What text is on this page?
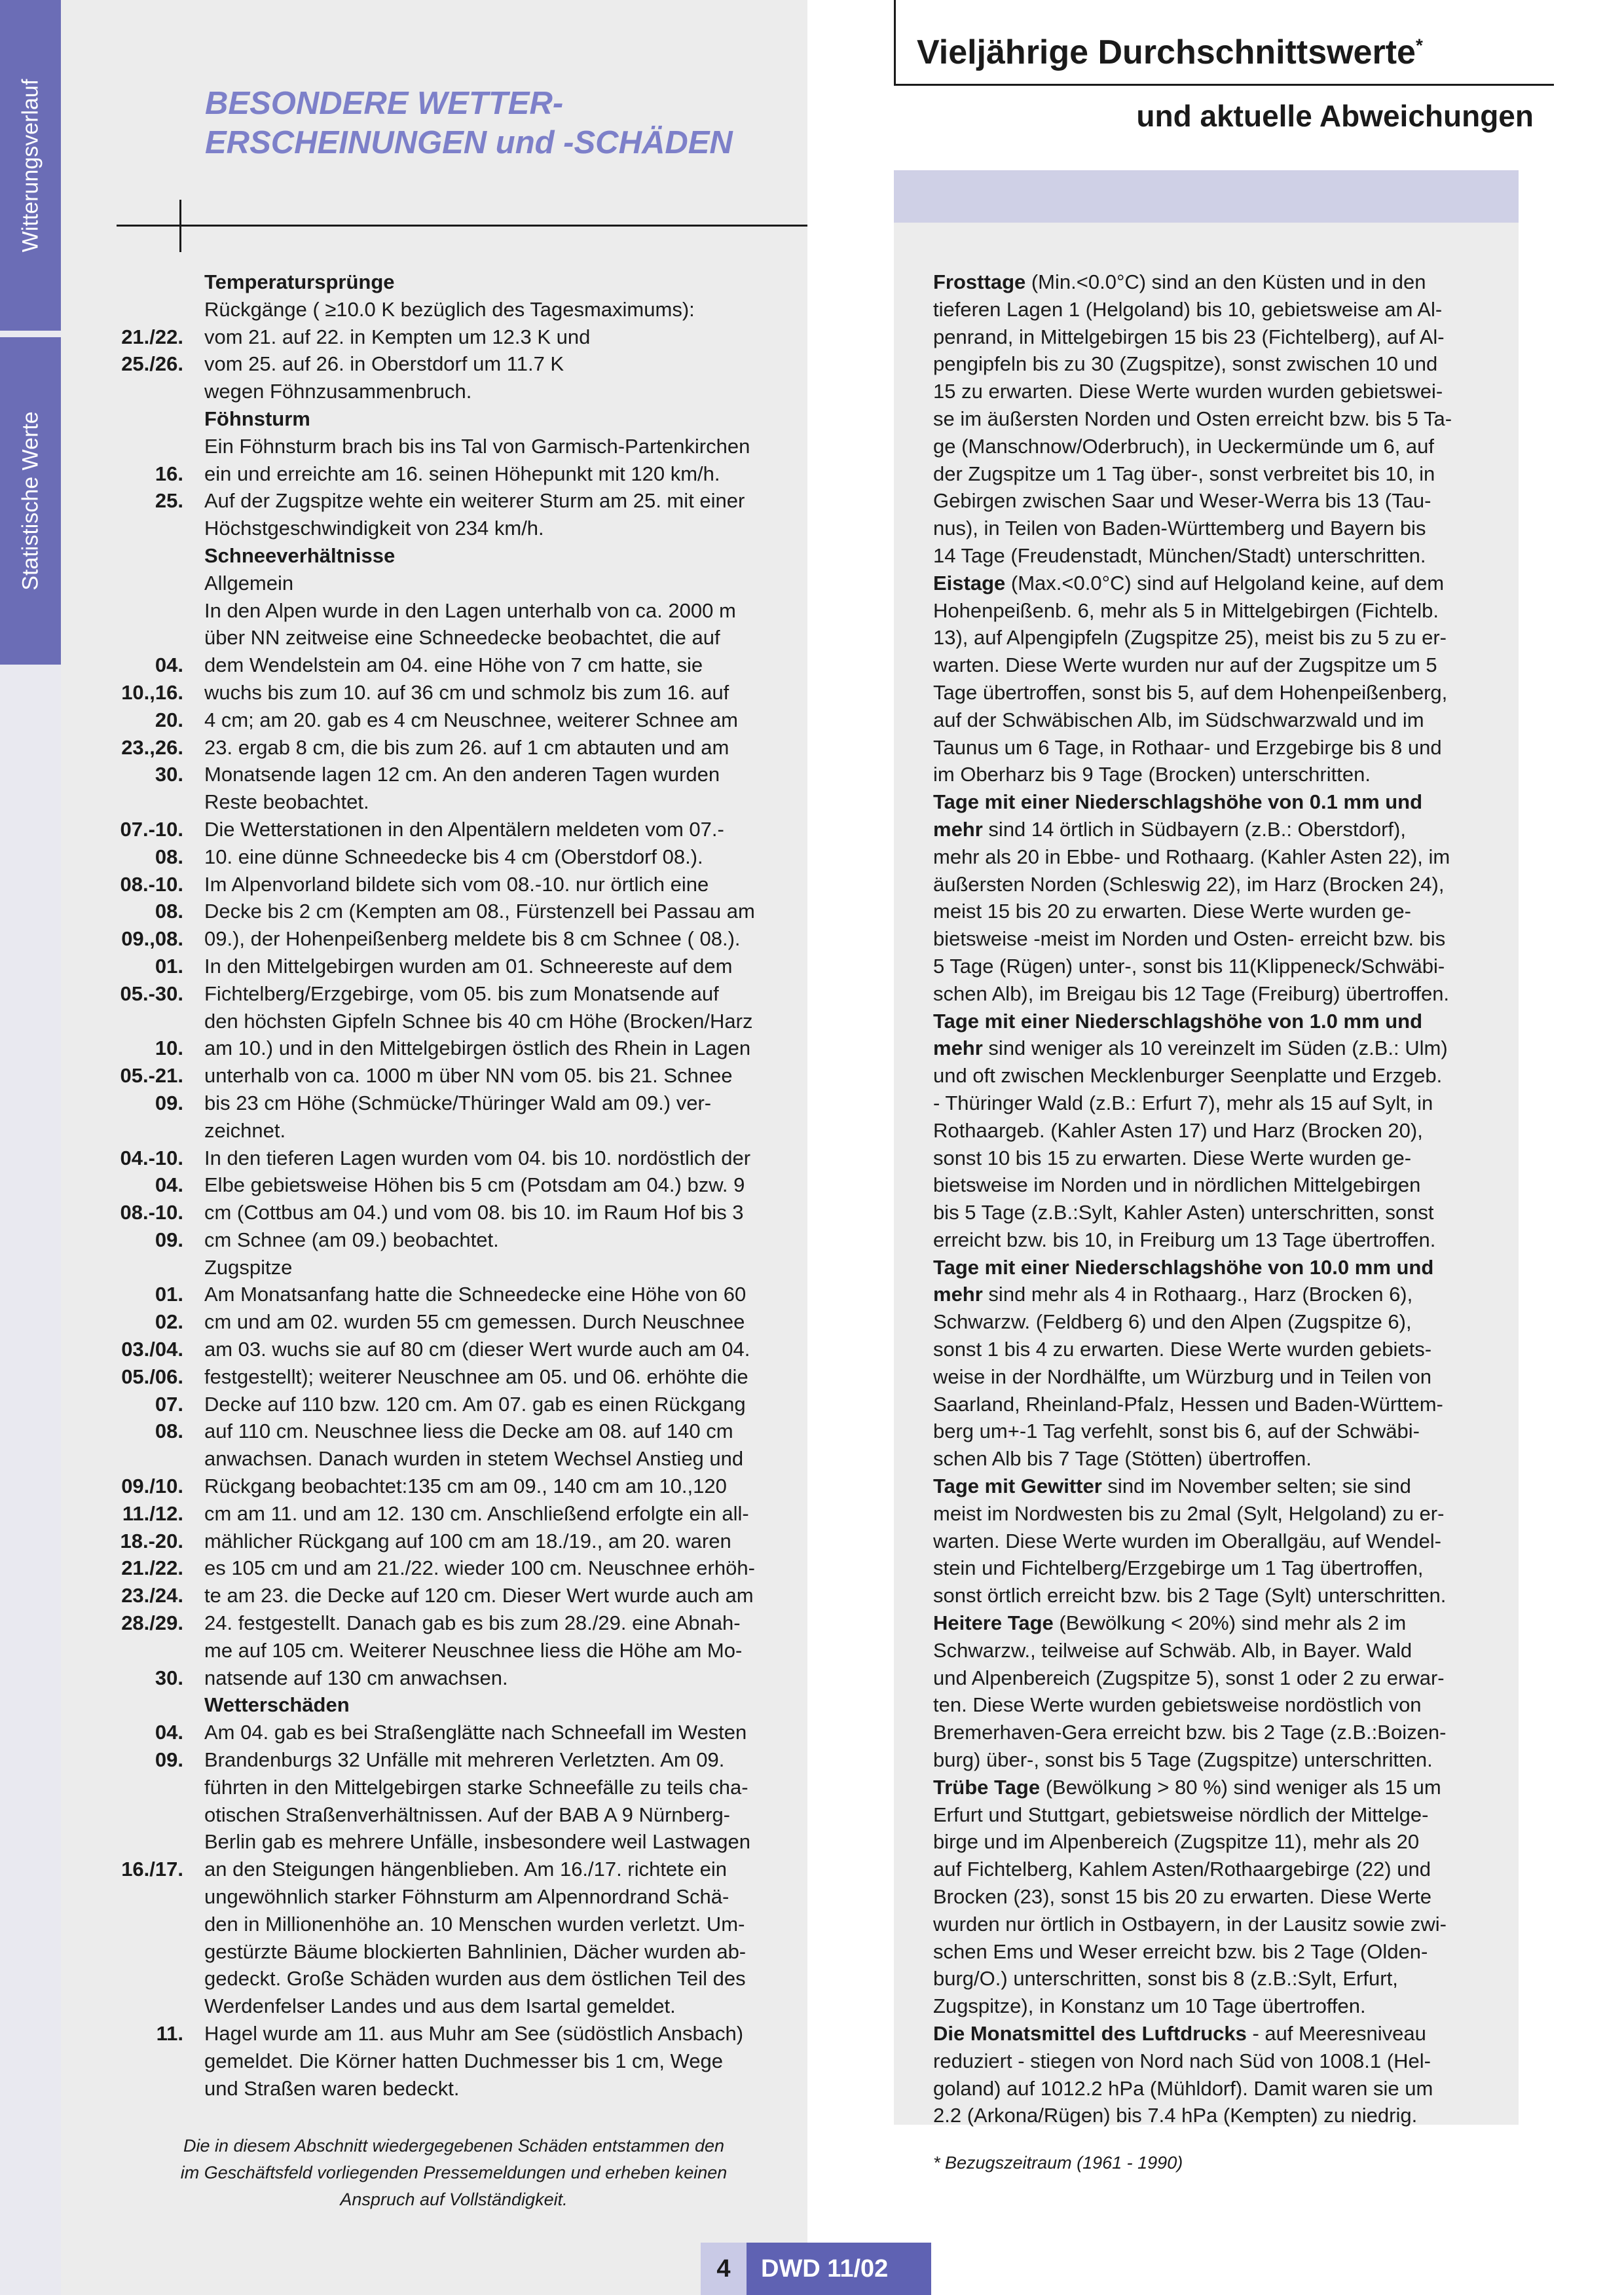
Witterungsverlauf
Statistische Werte
BESONDERE WETTER-
ERSCHEINUNGEN und -SCHÄDEN
Temperatursprünge
Rückgänge ( ≥10.0 K bezüglich des Tagesmaximums):
21./22. vom 21. auf 22. in Kempten um 12.3 K und
25./26. vom 25. auf 26. in Oberstdorf um 11.7 K
wegen Föhnzusammenbruch.
Föhnsturm
Ein Föhnsturm brach bis ins Tal von Garmisch-Partenkirchen
16. ein und erreichte am 16. seinen Höhepunkt mit 120 km/h.
25. Auf der Zugspitze wehte ein weiterer Sturm am 25. mit einer
Höchstgeschwindigkeit von 234 km/h.
Schneeverhältnisse
Allgemein
In den Alpen wurde in den Lagen unterhalb von ca. 2000 m
über NN zeitweise eine Schneedecke beobachtet, die auf
04. dem Wendelstein am 04. eine Höhe von 7 cm hatte, sie
10.,16. wuchs bis zum 10. auf 36 cm und schmolz bis zum 16. auf
20. 4 cm; am 20. gab es 4 cm Neuschnee, weiterer Schnee am
23.,26. 23. ergab 8 cm, die bis zum 26. auf 1 cm abtauten und am
30. Monatsende lagen 12 cm. An den anderen Tagen wurden
Reste beobachtet.
07.-10. Die Wetterstationen in den Alpentälern meldeten vom 07.-
08. 10. eine dünne Schneedecke bis 4 cm (Oberstdorf 08.).
08.-10. Im Alpenvorland bildete sich vom 08.-10. nur örtlich eine
08. Decke bis 2 cm (Kempten am 08., Fürstenzell bei Passau am
09.,08. 09.), der Hohenpeißenberg meldete bis 8 cm Schnee ( 08.).
01. In den Mittelgebirgen wurden am 01. Schneereste auf dem
05.-30. Fichtelberg/Erzgebirge, vom 05. bis zum Monatsende auf
den höchsten Gipfeln Schnee bis 40 cm Höhe (Brocken/Harz
10. am 10.) und in den Mittelgebirgen östlich des Rhein in Lagen
05.-21. unterhalb von ca. 1000 m über NN vom 05. bis 21. Schnee
09. bis 23 cm Höhe (Schmücke/Thüringer Wald am 09.) ver-
zeichnet.
04.-10. In den tieferen Lagen wurden vom 04. bis 10. nordöstlich der
04. Elbe gebietsweise Höhen bis 5 cm (Potsdam am 04.) bzw. 9
08.-10. cm (Cottbus am 04.) und vom 08. bis 10. im Raum Hof bis 3
09. cm Schnee (am 09.) beobachtet.
Zugspitze
01. Am Monatsanfang hatte die Schneedecke eine Höhe von 60
02. cm und am 02. wurden 55 cm gemessen. Durch Neuschnee
03./04. am 03. wuchs sie auf 80 cm (dieser Wert wurde auch am 04.
05./06. festgestellt); weiterer Neuschnee am 05. und 06. erhöhte die
07. Decke auf 110 bzw. 120 cm. Am 07. gab es einen Rückgang
08. auf 110 cm. Neuschnee liess die Decke am 08. auf 140 cm
anwachsen. Danach wurden in stetem Wechsel Anstieg und
09./10. Rückgang beobachtet:135 cm am 09., 140 cm am 10.,120
11./12. cm am 11. und am 12. 130 cm. Anschließend erfolgte ein all-
18.-20. mählicher Rückgang auf 100 cm am 18./19., am 20. waren
21./22. es 105 cm und am 21./22. wieder 100 cm. Neuschnee erhöh-
23./24. te am 23. die Decke auf 120 cm. Dieser Wert wurde auch am
28./29. 24. festgestellt. Danach gab es bis zum 28./29. eine Abnah-
me auf 105 cm. Weiterer Neuschnee liess die Höhe am Mo-
30. natsende auf 130 cm anwachsen.
Wetterschäden
04. Am 04. gab es bei Straßenglätte nach Schneefall im Westen
09. Brandenburgs 32 Unfälle mit mehreren Verletzten. Am 09.
führten in den Mittelgebirgen starke Schneefälle zu teils cha-
otischen Straßenverhältnissen. Auf der BAB A 9 Nürnberg-
Berlin gab es mehrere Unfälle, insbesondere weil Lastwagen
16./17. an den Steigungen hängenblieben. Am 16./17. richtete ein
ungewöhnlich starker Föhnsturm am Alpennordrand Schä-
den in Millionenhöhe an. 10 Menschen wurden verletzt. Um-
gestürzte Bäume blockierten Bahnlinien, Dächer wurden ab-
gedeckt. Große Schäden wurden aus dem östlichen Teil des
Werdenfelser Landes und aus dem Isartal gemeldet.
11. Hagel wurde am 11. aus Muhr am See (südöstlich Ansbach)
gemeldet. Die Körner hatten Duchmesser bis 1 cm, Wege
und Straßen waren bedeckt.
Die in diesem Abschnitt wiedergegebenen Schäden entstammen den
im Geschäftsfeld vorliegenden Pressemeldungen und erheben keinen
Anspruch auf Vollständigkeit.
Vieljährige Durchschnittswerte*
und aktuelle Abweichungen
Frosttage (Min.<0.0°C) sind an den Küsten und in den
tieferen Lagen 1 (Helgoland) bis 10, gebietsweise am Al-
penrand, in Mittelgebirgen 15 bis 23 (Fichtelberg), auf Al-
pengipfeln bis zu 30 (Zugspitze), sonst zwischen 10 und
15 zu erwarten. Diese Werte wurden wurden gebietswei-
se im äußersten Norden und Osten erreicht bzw. bis 5 Ta-
ge (Manschnow/Oderbruch), in Ueckermünde um 6, auf
der Zugspitze um 1 Tag über-, sonst verbreitet bis 10, in
Gebirgen zwischen Saar und Weser-Werra bis 13 (Tau-
nus), in Teilen von Baden-Württemberg und Bayern bis
14 Tage (Freudenstadt, München/Stadt) unterschritten.
Eistage (Max.<0.0°C) sind auf Helgoland keine, auf dem
Hohenpeißenb. 6, mehr als 5 in Mittelgebirgen (Fichtelb.
13), auf Alpengipfeln (Zugspitze 25), meist bis zu 5 zu er-
warten. Diese Werte wurden nur auf der Zugspitze um 5
Tage übertroffen, sonst bis 5, auf dem Hohenpeißenberg,
auf der Schwäbischen Alb, im Südschwarzwald und im
Taunus um 6 Tage, in Rothaar- und Erzgebirge bis 8 und
im Oberharz bis 9 Tage (Brocken) unterschritten.
Tage mit einer Niederschlagshöhe von 0.1 mm und
mehr sind 14 örtlich in Südbayern (z.B.: Oberstdorf),
mehr als 20 in Ebbe- und Rothaarg. (Kahler Asten 22), im
äußersten Norden (Schleswig 22), im Harz (Brocken 24),
meist 15 bis 20 zu erwarten. Diese Werte wurden ge-
bietsweise -meist im Norden und Osten- erreicht bzw. bis
5 Tage (Rügen) unter-, sonst bis 11(Klippeneck/Schwäbi-
schen Alb), im Breigau bis 12 Tage (Freiburg) übertroffen.
Tage mit einer Niederschlagshöhe von 1.0 mm und
mehr sind weniger als 10 vereinzelt im Süden (z.B.: Ulm)
und oft zwischen Mecklenburger Seenplatte und Erzgeb.
- Thüringer Wald (z.B.: Erfurt 7), mehr als 15 auf Sylt, in
Rothaargeb. (Kahler Asten 17) und Harz (Brocken 20),
sonst 10 bis 15 zu erwarten. Diese Werte wurden ge-
bietsweise im Norden und in nördlichen Mittelgebirgen
bis 5 Tage (z.B.:Sylt, Kahler Asten) unterschritten, sonst
erreicht bzw. bis 10, in Freiburg um 13 Tage übertroffen.
Tage mit einer Niederschlagshöhe von 10.0 mm und
mehr sind mehr als 4 in Rothaarg., Harz (Brocken 6),
Schwarzw. (Feldberg 6) und den Alpen (Zugspitze 6),
sonst 1 bis 4 zu erwarten. Diese Werte wurden gebiets-
weise in der Nordhälfte, um Würzburg und in Teilen von
Saarland, Rheinland-Pfalz, Hessen und Baden-Württem-
berg um+-1 Tag verfehlt, sonst bis 6, auf der Schwäbi-
schen Alb bis 7 Tage (Stötten) übertroffen.
Tage mit Gewitter sind im November selten; sie sind
meist im Nordwesten bis zu 2mal (Sylt, Helgoland) zu er-
warten. Diese Werte wurden im Oberallgäu, auf Wendel-
stein und Fichtelberg/Erzgebirge um 1 Tag übertroffen,
sonst örtlich erreicht bzw. bis 2 Tage (Sylt) unterschritten.
Heitere Tage (Bewölkung < 20%) sind mehr als 2 im
Schwarzw., teilweise auf Schwäb. Alb, in Bayer. Wald
und Alpenbereich (Zugspitze 5), sonst 1 oder 2 zu erwar-
ten. Diese Werte wurden gebietsweise nordöstlich von
Bremerhaven-Gera erreicht bzw. bis 2 Tage (z.B.:Boizen-
burg) über-, sonst bis 5 Tage (Zugspitze) unterschritten.
Trübe Tage (Bewölkung > 80 %) sind weniger als 15 um
Erfurt und Stuttgart, gebietsweise nördlich der Mittelge-
birge und im Alpenbereich (Zugspitze 11), mehr als 20
auf Fichtelberg, Kahlem Asten/Rothaargebirge (22) und
Brocken (23), sonst 15 bis 20 zu erwarten. Diese Werte
wurden nur örtlich in Ostbayern, in der Lausitz sowie zwi-
schen Ems und Weser erreicht bzw. bis 2 Tage (Olden-
burg/O.) unterschritten, sonst bis 8 (z.B.:Sylt, Erfurt,
Zugspitze), in Konstanz um 10 Tage übertroffen.
Die Monatsmittel des Luftdrucks - auf Meeresniveau
reduziert - stiegen von Nord nach Süd von 1008.1 (Hel-
goland) auf 1012.2 hPa (Mühldorf). Damit waren sie um
2.2 (Arkona/Rügen) bis 7.4 hPa (Kempten) zu niedrig.
* Bezugszeitraum (1961 - 1990)
4	DWD 11/02
